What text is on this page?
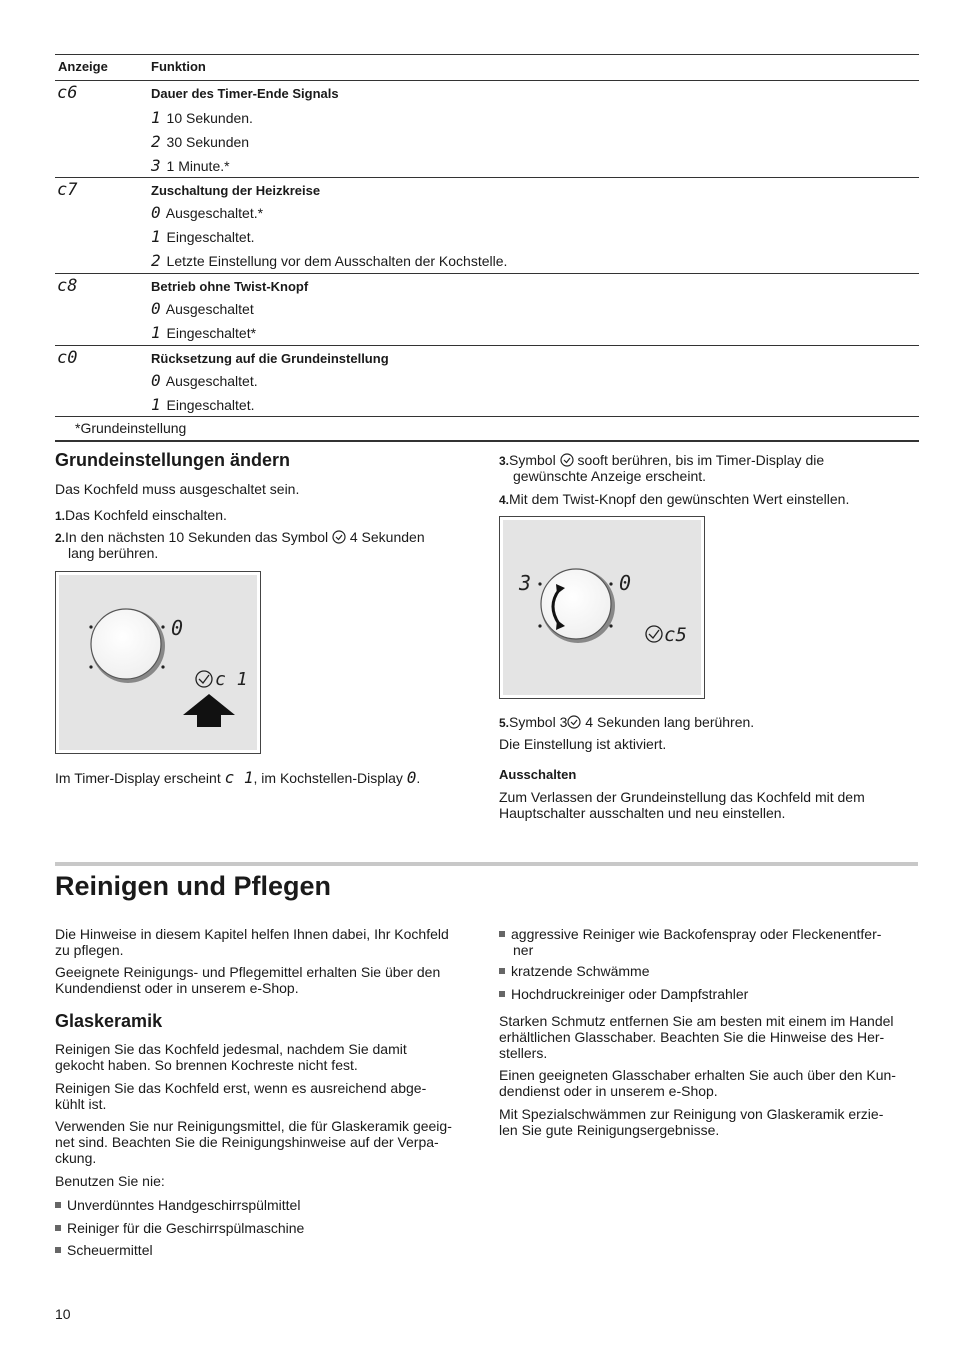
Anzeige	Funktion
c6	Dauer des Timer-Ende Signals
1 10 Sekunden.
2 30 Sekunden
3 1 Minute.*
c7	Zuschaltung der Heizkreise
0 Ausgeschaltet.*
1 Eingeschaltet.
2 Letzte Einstellung vor dem Ausschalten der Kochstelle.
c8	Betrieb ohne Twist-Knopf
0 Ausgeschaltet
1 Eingeschaltet*
c0	Rücksetzung auf die Grundeinstellung
0 Ausgeschaltet.
1 Eingeschaltet.
*Grundeinstellung
Grundeinstellungen ändern

Das Kochfeld muss ausgeschaltet sein.

1.Das Kochfeld einschalten.

2.In den nächsten 10 Sekunden das Symbol 4 Sekunden

lang berühren.

0
c 1

Im Timer-Display erscheint c 1, im Kochstellen-Display 0.

3.Symbol sooft berühren, bis im Timer-Display die

gewünschte Anzeige erscheint.

4.Mit dem Twist-Knopf den gewünschten Wert einstellen.

3	0
c5

5.Symbol 3 4 Sekunden lang berühren.

Die Einstellung ist aktiviert.

Ausschalten

Zum Verlassen der Grundeinstellung das Kochfeld mit dem

Hauptschalter ausschalten und neu einstellen.

Reinigen und Pflegen

Die Hinweise in diesem Kapitel helfen Ihnen dabei, Ihr Kochfeld

zu pflegen.

Geeignete Reinigungs- und Pflegemittel erhalten Sie über den

Kundendienst oder in unserem e-Shop.

Glaskeramik

Reinigen Sie das Kochfeld jedesmal, nachdem Sie damit

gekocht haben. So brennen Kochreste nicht fest.

Reinigen Sie das Kochfeld erst, wenn es ausreichend abge-

kühlt ist.

Verwenden Sie nur Reinigungsmittel, die für Glaskeramik geeig-

net sind. Beachten Sie die Reinigungshinweise auf der Verpa-

ckung.

Benutzen Sie nie:

Unverdünntes Handgeschirrspülmittel
Reiniger für die Geschirrspülmaschine
Scheuermittel
aggressive Reiniger wie Backofenspray oder Fleckenentfer-

ner

kratzende Schwämme
Hochdruckreiniger oder Dampfstrahler

Starken Schmutz entfernen Sie am besten mit einem im Handel

erhältlichen Glasschaber. Beachten Sie die Hinweise des Her-

stellers.

Einen geeigneten Glasschaber erhalten Sie auch über den Kun-

dendienst oder in unserem e-Shop.

Mit Spezialschwämmen zur Reinigung von Glaskeramik erzie-

len Sie gute Reinigungsergebnisse.

10
